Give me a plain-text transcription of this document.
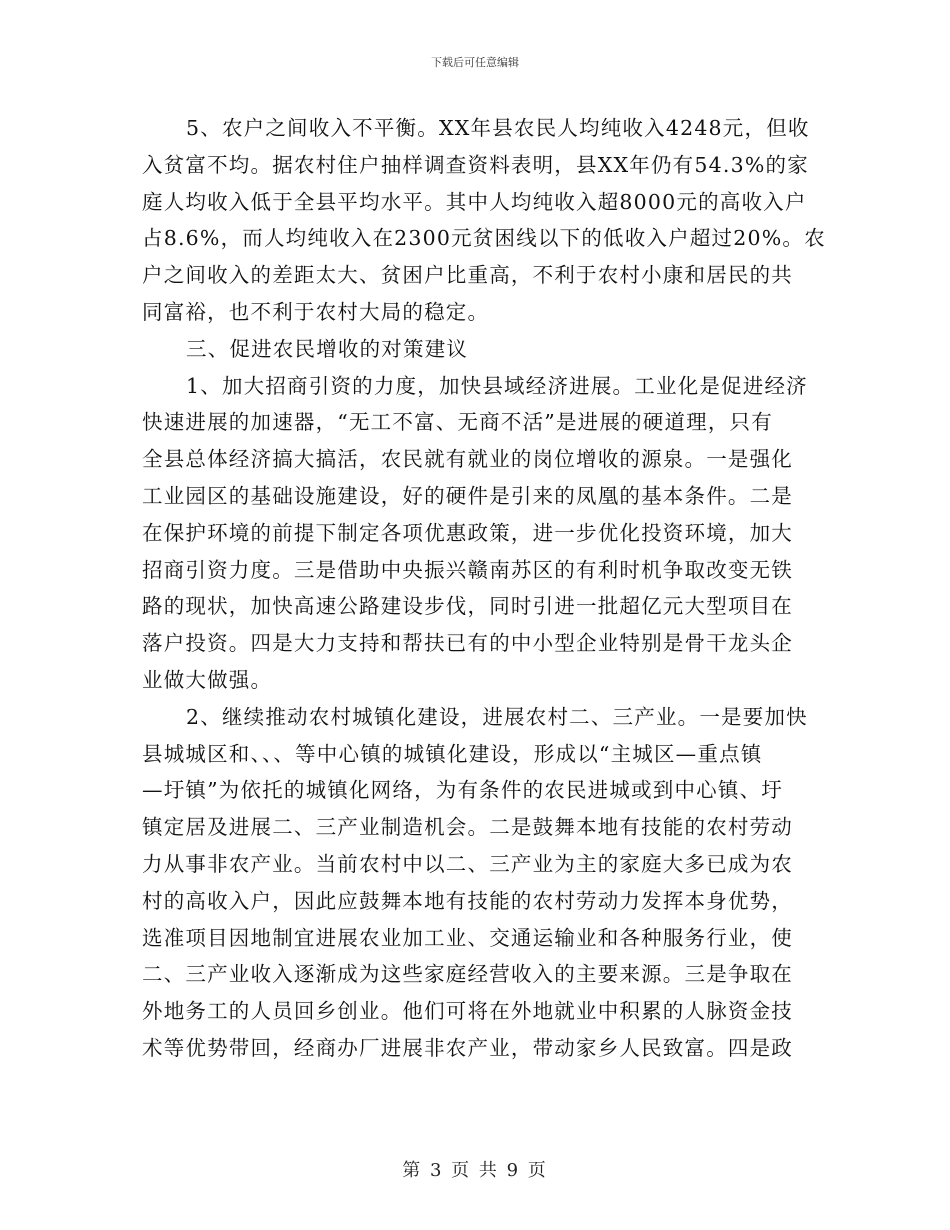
下载后可任意编辑

5、农户之间收入不平衡。XX年县农民人均纯收入4248元，但收
入贫富不均。据农村住户抽样调查资料表明，县XX年仍有54.3%的家
庭人均收入低于全县平均水平。其中人均纯收入超8000元的高收入户
占8.6%，而人均纯收入在2300元贫困线以下的低收入户超过20%。农
户之间收入的差距太大、贫困户比重高，不利于农村小康和居民的共
同富裕，也不利于农村大局的稳定。

三、促进农民增收的对策建议

1、加大招商引资的力度，加快县域经济进展。工业化是促进经济
快速进展的加速器，“无工不富、无商不活”是进展的硬道理，只有
全县总体经济搞大搞活，农民就有就业的岗位增收的源泉。一是强化
工业园区的基础设施建设，好的硬件是引来的凤凰的基本条件。二是
在保护环境的前提下制定各项优惠政策，进一步优化投资环境，加大
招商引资力度。三是借助中央振兴赣南苏区的有利时机争取改变无铁
路的现状，加快高速公路建设步伐，同时引进一批超亿元大型项目在
落户投资。四是大力支持和帮扶已有的中小型企业特别是骨干龙头企
业做大做强。

2、继续推动农村城镇化建设，进展农村二、三产业。一是要加快
县城城区和、、、等中心镇的城镇化建设，形成以“主城区—重点镇
—圩镇”为依托的城镇化网络，为有条件的农民进城或到中心镇、圩
镇定居及进展二、三产业制造机会。二是鼓舞本地有技能的农村劳动
力从事非农产业。当前农村中以二、三产业为主的家庭大多已成为农
村的高收入户，因此应鼓舞本地有技能的农村劳动力发挥本身优势，
选准项目因地制宜进展农业加工业、交通运输业和各种服务行业，使
二、三产业收入逐渐成为这些家庭经营收入的主要来源。三是争取在
外地务工的人员回乡创业。他们可将在外地就业中积累的人脉资金技
术等优势带回，经商办厂进展非农产业，带动家乡人民致富。四是政

第 3 页 共 9 页
